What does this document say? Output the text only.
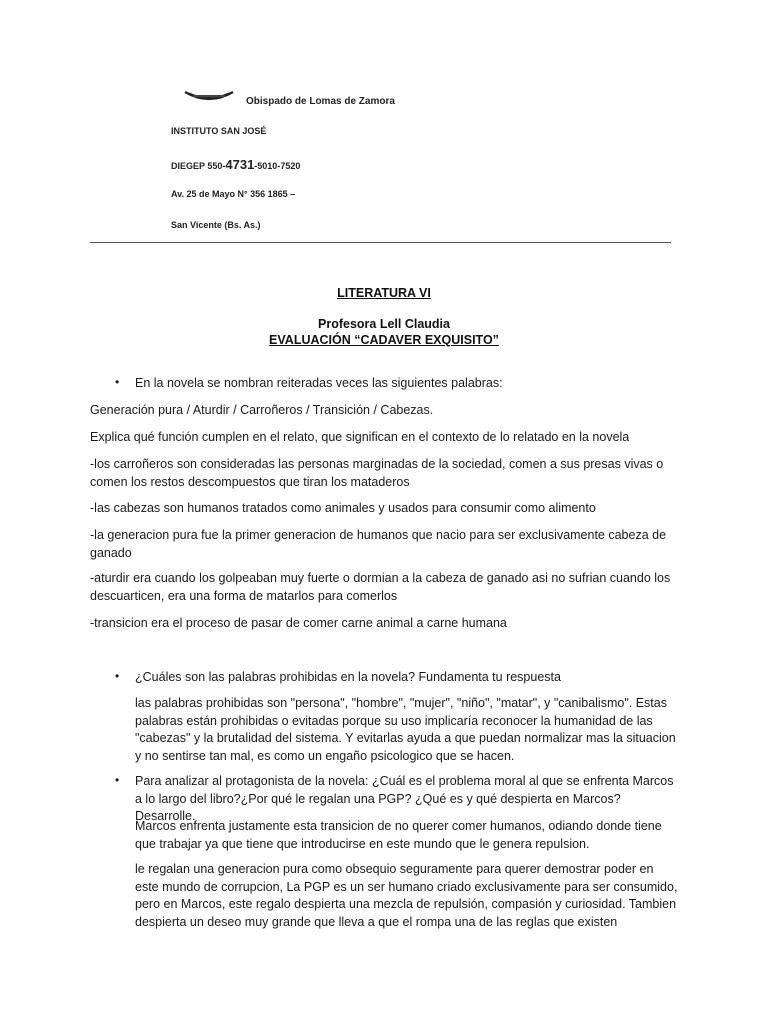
Obispado de Lomas de Zamora
INSTITUTO SAN JOSÉ
DIEGEP 550-4731-5010-7520
Av. 25 de Mayo N° 356 1865 –
San Vicente (Bs. As.)
LITERATURA VI
Profesora Lell Claudia
EVALUACIÓN “CADAVER EXQUISITO”
• En la novela se nombran reiteradas veces las siguientes palabras:
Generación pura / Aturdir / Carroñeros / Transición / Cabezas.
Explica qué función cumplen en el relato, que significan en el contexto de lo relatado en la novela
-los carroñeros son consideradas las personas marginadas de la sociedad, comen a sus presas vivas o comen los restos descompuestos que tiran los mataderos
-las cabezas son humanos tratados como animales y usados para consumir como alimento
-la generacion pura fue la primer generacion de humanos que nacio para ser exclusivamente cabeza de ganado
-aturdir era cuando los golpeaban muy fuerte o dormian a la cabeza de ganado asi no sufrian cuando los descuarticen, era una forma de matarlos para comerlos
-transicion era el proceso de pasar de comer carne animal a carne humana
• ¿Cuáles son las palabras prohibidas en la novela? Fundamenta tu respuesta
las palabras prohibidas son "persona", "hombre", "mujer", "niño", "matar", y "canibalismo". Estas palabras están prohibidas o evitadas porque su uso implicaría reconocer la humanidad de las "cabezas" y la brutalidad del sistema. Y evitarlas ayuda a que puedan normalizar mas la situacion y no sentirse tan mal, es como un engaño psicologico que se hacen.
• Para analizar al protagonista de la novela: ¿Cuál es el problema moral al que se enfrenta Marcos a lo largo del libro?¿Por qué le regalan una PGP? ¿Qué es y qué despierta en Marcos? Desarrolle.
Marcos enfrenta justamente esta transicion de no querer comer humanos, odiando donde tiene que trabajar ya que tiene que introducirse en este mundo que le genera repulsion.
le regalan una generacion pura como obsequio seguramente para querer demostrar poder en este mundo de corrupcion, La PGP es un ser humano criado exclusivamente para ser consumido, pero en Marcos, este regalo despierta una mezcla de repulsión, compasión y curiosidad. Tambien despierta un deseo muy grande que lleva a que el rompa una de las reglas que existen
